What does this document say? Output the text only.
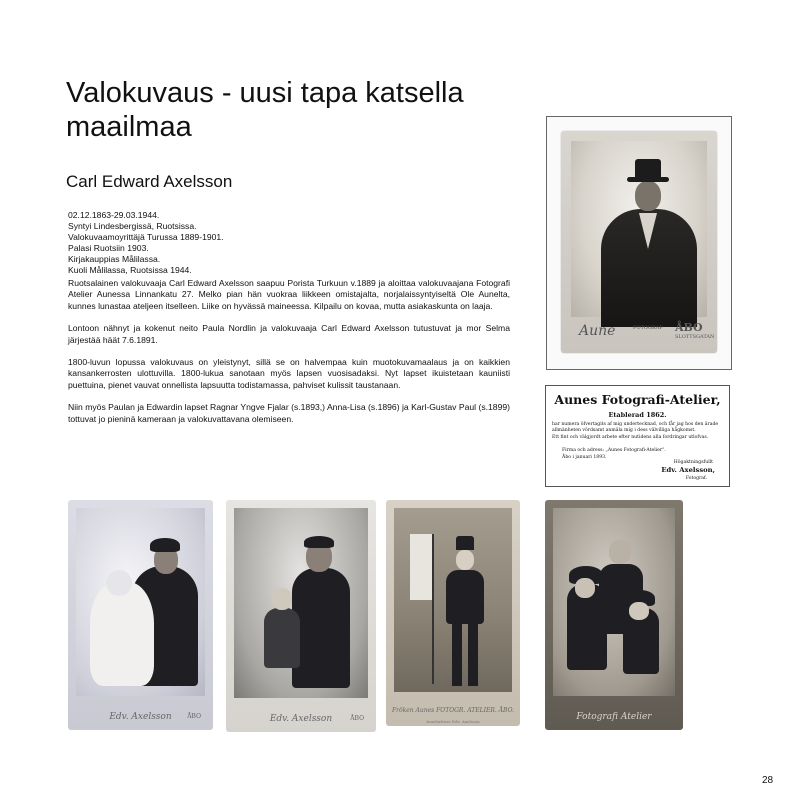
Valokuvaus - uusi tapa katsella maailmaa
Carl Edward Axelsson
02.12.1863-29.03.1944.
Syntyi Lindesbergissä, Ruotsissa.
Valokuvaamoyrittäjä Turussa 1889-1901.
Palasi Ruotsiin 1903.
Kirjakauppias Målilassa.
Kuoli Målilassa, Ruotsissa 1944.

Ruotsalainen valokuvaaja Carl Edward Axelsson saapuu Porista Turkuun v.1889 ja aloittaa valokuvaajana Fotografi Atelier Aunessa Linnankatu 27. Melko pian hän vuokraa liikkeen omistajalta, norjalaissyntyiseltä Ole Aunelta, kunnes lunastaa ateljeen itselleen. Liike on hyvässä maineessa. Kilpailu on kovaa, mutta asiakaskunta on laaja.

Lontoon nähnyt ja kokenut neito Paula Nordlin ja valokuvaaja Carl Edward Axelsson tutustuvat ja mor Selma järjestää häät 7.6.1891.

1800-luvun lopussa valokuvaus on yleistynyt, sillä se on halvempaa kuin muotokuvamaalaus ja on kaikkien kansankerrosten ulottuvilla. 1800-lukua sanotaan myös lapsen vuosisadaksi. Nyt lapset ikuistetaan kauniisti puettuina, pienet vauvat onnellista lapsuutta todistamassa, pahviset kulissit taustanaan.

Niin myös Paulan ja Edwardin lapset Ragnar Yngve Fjalar (s.1893,) Anna-Lisa (s.1896) ja Karl-Gustav Paul (s.1899) tottuvat jo pieninä kameraan ja valokuvattavana olemiseen.

Aune	FOTOGRAF ÅBO
SLOTTSGATAN
Aunes Fotografi-Atelier,
Etablerad 1862.
har numera öfvertagits af mig undertecknad, och får jag hos den ärade allmänheten vördsamt anmäla mig i dess välvilliga hågkomst.
Ett fint och välgjordt arbete efter nutidens alla fordringar utlofvas.
Firma och adress: „Aunes Fotografi-Atelier".
Åbo i januari 1893.
Högaktningsfullt
Edv. Axelsson,
Fotograf.
Edv. Axelsson	ÅBO	Edv. Axelsson	ÅBO
Fröken Aunes FOTOGR. ATELIER. ÅBO.
Innehafvare Edv. Axelsson	Fotografi Atelier
28
